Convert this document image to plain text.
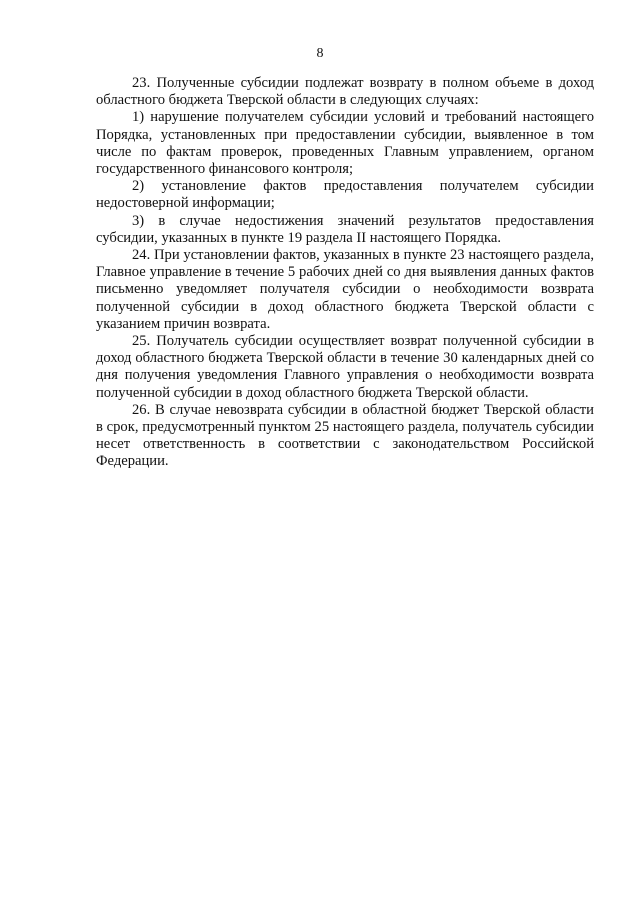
8

23. Полученные субсидии подлежат возврату в полном объеме в доход областного бюджета Тверской области в следующих случаях:

1) нарушение получателем субсидии условий и требований настоящего Порядка, установленных при предоставлении субсидии, выявленное в том числе по фактам проверок, проведенных Главным управлением, органом государственного финансового контроля;

2) установление фактов предоставления получателем субсидии недостоверной информации;

3) в случае недостижения значений результатов предоставления субсидии, указанных в пункте 19 раздела II настоящего Порядка.

24. При установлении фактов, указанных в пункте 23 настоящего раздела, Главное управление в течение 5 рабочих дней со дня выявления данных фактов письменно уведомляет получателя субсидии о необходимости возврата полученной субсидии в доход областного бюджета Тверской области с указанием причин возврата.

25. Получатель субсидии осуществляет возврат полученной субсидии в доход областного бюджета Тверской области в течение 30 календарных дней со дня получения уведомления Главного управления о необходимости возврата полученной субсидии в доход областного бюджета Тверской области.

26. В случае невозврата субсидии в областной бюджет Тверской области в срок, предусмотренный пунктом 25 настоящего раздела, получатель субсидии несет ответственность в соответствии с законодательством Российской Федерации.
